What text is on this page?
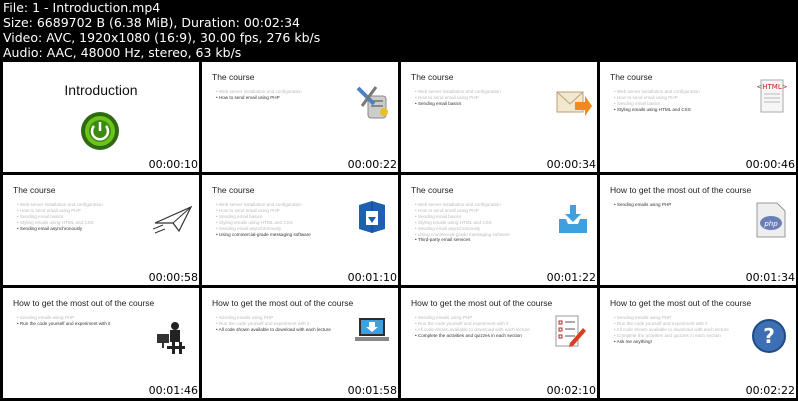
File: 1 - Introduction.mp4
Size: 6689702 B (6.38 MiB), Duration: 00:02:34
Video: AVC, 1920x1080 (16:9), 30.00 fps, 276 kb/s
Audio: AAC, 48000 Hz, stereo, 63 kb/s
Introduction
00:00:10
The course
• Web server installation and configuration
• How to send email using PHP
00:00:22
The course
• Web server installation and configuration
• How to send email using PHP
• Sending email basics
00:00:34
The course
• Web server installation and configuration
• How to send email using PHP
• Sending email basics
• Styling emails using HTML and CSS
<HTML>
00:00:46
The course
• Web server installation and configuration
• How to send email using PHP
• Sending email basics
• Styling emails using HTML and CSS
• Sending email asynchronously
00:00:58
The course
• Web server installation and configuration
• How to send email using PHP
• Sending email basics
• Styling emails using HTML and CSS
• Sending email asynchronously
• Using commercial-grade messaging software
00:01:10
The course
• Web server installation and configuration
• How to send email using PHP
• Sending email basics
• Styling emails using HTML and CSS
• Sending email asynchronously
• Using commercial-grade messaging software
• Third-party email services
00:01:22
How to get the most out of the course
• Sending emails using PHP
php
00:01:34
How to get the most out of the course
• Sending emails using PHP
• Run the code yourself and experiment with it
00:01:46
How to get the most out of the course
• Sending emails using PHP
• Run the code yourself and experiment with it
• All code shown available to download with each lecture
00:01:58
How to get the most out of the course
• Sending emails using PHP
• Run the code yourself and experiment with it
• All code shown available to download with each lecture
• Complete the activities and quizzes in each section
00:02:10
How to get the most out of the course
• Sending emails using PHP
• Run the code yourself and experiment with it
• All code shown available to download with each lecture
• Complete the activities and quizzes in each section
• Ask me anything!	?
00:02:22
